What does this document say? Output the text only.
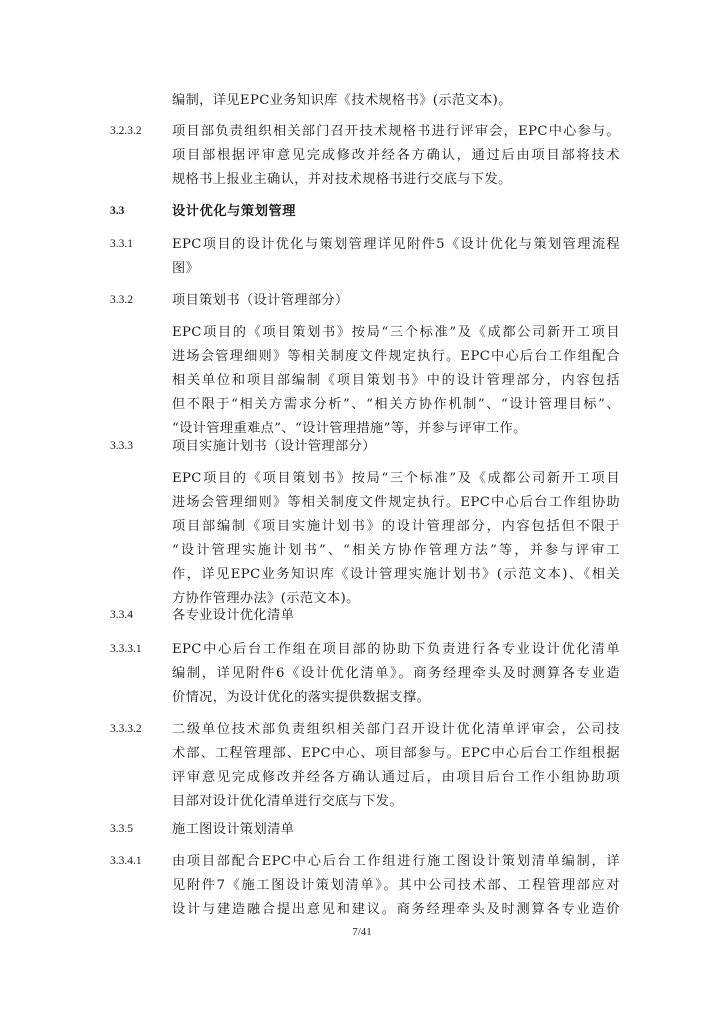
编制，详见EPC业务知识库《技术规格书》(示范文本)。
3.2.3.2 项目部负责组织相关部门召开技术规格书进行评审会，EPC中心参与。
项目部根据评审意见完成修改并经各方确认，通过后由项目部将技术
规格书上报业主确认，并对技术规格书进行交底与下发。
3.3	设计优化与策划管理
3.3.1	EPC项目的设计优化与策划管理详见附件5《设计优化与策划管理流程
图》
3.3.2	项目策划书（设计管理部分）
EPC项目的《项目策划书》按局“三个标准”及《成都公司新开工项目
进场会管理细则》等相关制度文件规定执行。EPC中心后台工作组配合
相关单位和项目部编制《项目策划书》中的设计管理部分，内容包括
但不限于“相关方需求分析”、“相关方协作机制”、“设计管理目标”、
“设计管理重难点”、“设计管理措施”等，并参与评审工作。
3.3.3	项目实施计划书（设计管理部分）
EPC项目的《项目策划书》按局“三个标准”及《成都公司新开工项目
进场会管理细则》等相关制度文件规定执行。EPC中心后台工作组协助
项目部编制《项目实施计划书》的设计管理部分，内容包括但不限于
“设计管理实施计划书”、“相关方协作管理方法”等，并参与评审工
作，详见EPC业务知识库《设计管理实施计划书》(示范文本)、《相关
方协作管理办法》(示范文本)。
3.3.4	各专业设计优化清单
3.3.3.1 EPC中心后台工作组在项目部的协助下负责进行各专业设计优化清单
编制，详见附件6《设计优化清单》。商务经理牵头及时测算各专业造
价情况，为设计优化的落实提供数据支撑。
3.3.3.2 二级单位技术部负责组织相关部门召开设计优化清单评审会，公司技
术部、工程管理部、EPC中心、项目部参与。EPC中心后台工作组根据
评审意见完成修改并经各方确认通过后，由项目后台工作小组协助项
目部对设计优化清单进行交底与下发。
3.3.5	施工图设计策划清单
3.3.4.1 由项目部配合EPC中心后台工作组进行施工图设计策划清单编制，详
见附件7《施工图设计策划清单》。其中公司技术部、工程管理部应对
设计与建造融合提出意见和建议。商务经理牵头及时测算各专业造价
7/41
